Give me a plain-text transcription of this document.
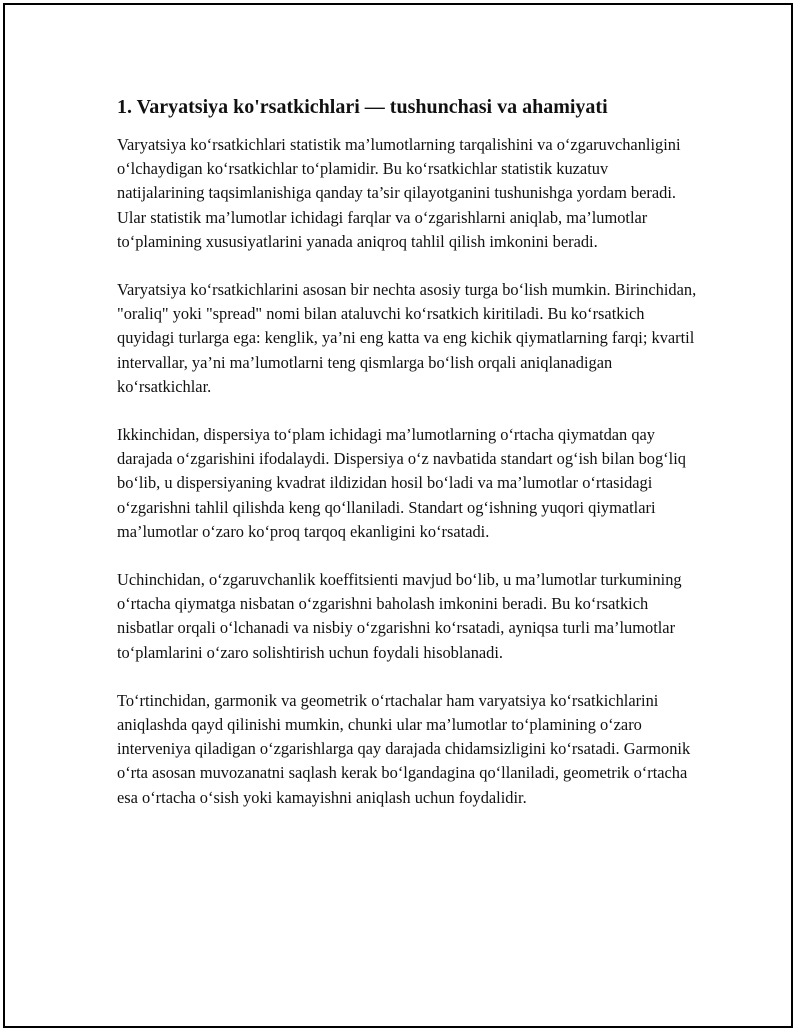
1. Varyatsiya ko'rsatkichlari — tushunchasi va ahamiyati

Varyatsiya ko‘rsatkichlari statistik ma’lumotlarning tarqalishini va o‘zgaruvchanligini o‘lchaydigan ko‘rsatkichlar to‘plamidir. Bu ko‘rsatkichlar statistik kuzatuv natijalarining taqsimlanishiga qanday ta’sir qilayotganini tushunishga yordam beradi. Ular statistik ma’lumotlar ichidagi farqlar va o‘zgarishlarni aniqlab, ma’lumotlar to‘plamining xususiyatlarini yanada aniqroq tahlil qilish imkonini beradi.

Varyatsiya ko‘rsatkichlarini asosan bir nechta asosiy turga bo‘lish mumkin. Birinchidan, "oraliq" yoki "spread" nomi bilan ataluvchi ko‘rsatkich kiritiladi. Bu ko‘rsatkich quyidagi turlarga ega: kenglik, ya’ni eng katta va eng kichik qiymatlarning farqi; kvartil intervallar, ya’ni ma’lumotlarni teng qismlarga bo‘lish orqali aniqlanadigan ko‘rsatkichlar.

Ikkinchidan, dispersiya to‘plam ichidagi ma’lumotlarning o‘rtacha qiymatdan qay darajada o‘zgarishini ifodalaydi. Dispersiya o‘z navbatida standart og‘ish bilan bog‘liq bo‘lib, u dispersiyaning kvadrat ildizidan hosil bo‘ladi va ma’lumotlar o‘rtasidagi o‘zgarishni tahlil qilishda keng qo‘llaniladi. Standart og‘ishning yuqori qiymatlari ma’lumotlar o‘zaro ko‘proq tarqoq ekanligini ko‘rsatadi.

Uchinchidan, o‘zgaruvchanlik koeffitsienti mavjud bo‘lib, u ma’lumotlar turkumining o‘rtacha qiymatga nisbatan o‘zgarishni baholash imkonini beradi. Bu ko‘rsatkich nisbatlar orqali o‘lchanadi va nisbiy o‘zgarishni ko‘rsatadi, ayniqsa turli ma’lumotlar to‘plamlarini o‘zaro solishtirish uchun foydali hisoblanadi.

To‘rtinchidan, garmonik va geometrik o‘rtachalar ham varyatsiya ko‘rsatkichlarini aniqlashda qayd qilinishi mumkin, chunki ular ma’lumotlar to‘plamining o‘zaro interveniya qiladigan o‘zgarishlarga qay darajada chidamsizligini ko‘rsatadi. Garmonik o‘rta asosan muvozanatni saqlash kerak bo‘lgandagina qo‘llaniladi, geometrik o‘rtacha esa o‘rtacha o‘sish yoki kamayishni aniqlash uchun foydalidir.
